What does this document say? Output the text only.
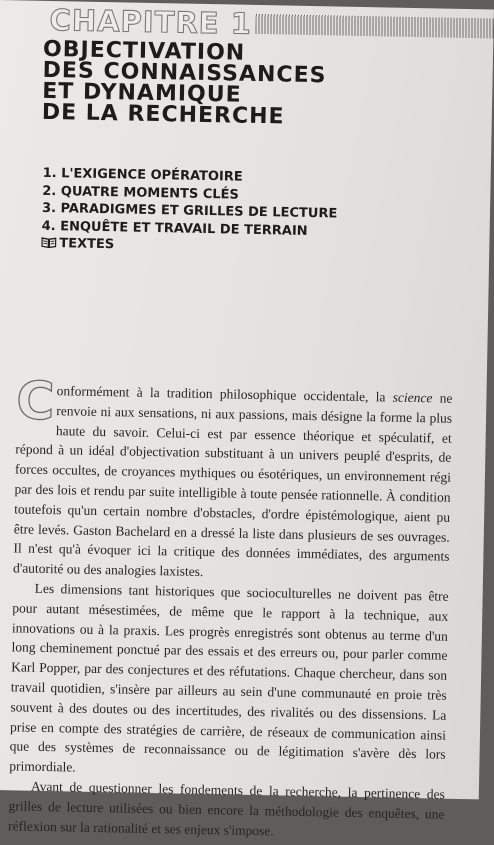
CHAPITRE 1
OBJECTIVATION
DES CONNAISSANCES
ET DYNAMIQUE
DE LA RECHERCHE
1. L'EXIGENCE OPÉRATOIRE
2. QUATRE MOMENTS CLÉS
3. PARADIGMES ET GRILLES DE LECTURE
4. ENQUÊTE ET TRAVAIL DE TERRAIN
TEXTES

Conformément à la tradition philosophique occidentale, la science ne renvoie ni aux sensations, ni aux passions, mais désigne la forme la plus haute du savoir. Celui-ci est par essence théorique et spéculatif, et répond à un idéal d'objectivation substituant à un univers peuplé d'esprits, de forces occultes, de croyances mythiques ou ésotériques, un environnement régi par des lois et rendu par suite intelligible à toute pensée rationnelle. À condition toutefois qu'un certain nombre d'obstacles, d'ordre épistémologique, aient pu être levés. Gaston Bachelard en a dressé la liste dans plusieurs de ses ouvrages. Il n'est qu'à évoquer ici la critique des données immédiates, des arguments d'autorité ou des analogies laxistes.

Les dimensions tant historiques que socioculturelles ne doivent pas être pour autant mésestimées, de même que le rapport à la technique, aux innovations ou à la praxis. Les progrès enregistrés sont obtenus au terme d'un long cheminement ponctué par des essais et des erreurs ou, pour parler comme Karl Popper, par des conjectures et des réfutations. Chaque chercheur, dans son travail quotidien, s'insère par ailleurs au sein d'une communauté en proie très souvent à des doutes ou des incertitudes, des rivalités ou des dissensions. La prise en compte des stratégies de carrière, de réseaux de communication ainsi que des systèmes de reconnaissance ou de légitimation s'avère dès lors primordiale.

Avant de questionner les fondements de la recherche, la pertinence des grilles de lecture utilisées ou bien encore la méthodologie des enquêtes, une réflexion sur la rationalité et ses enjeux s'impose.
